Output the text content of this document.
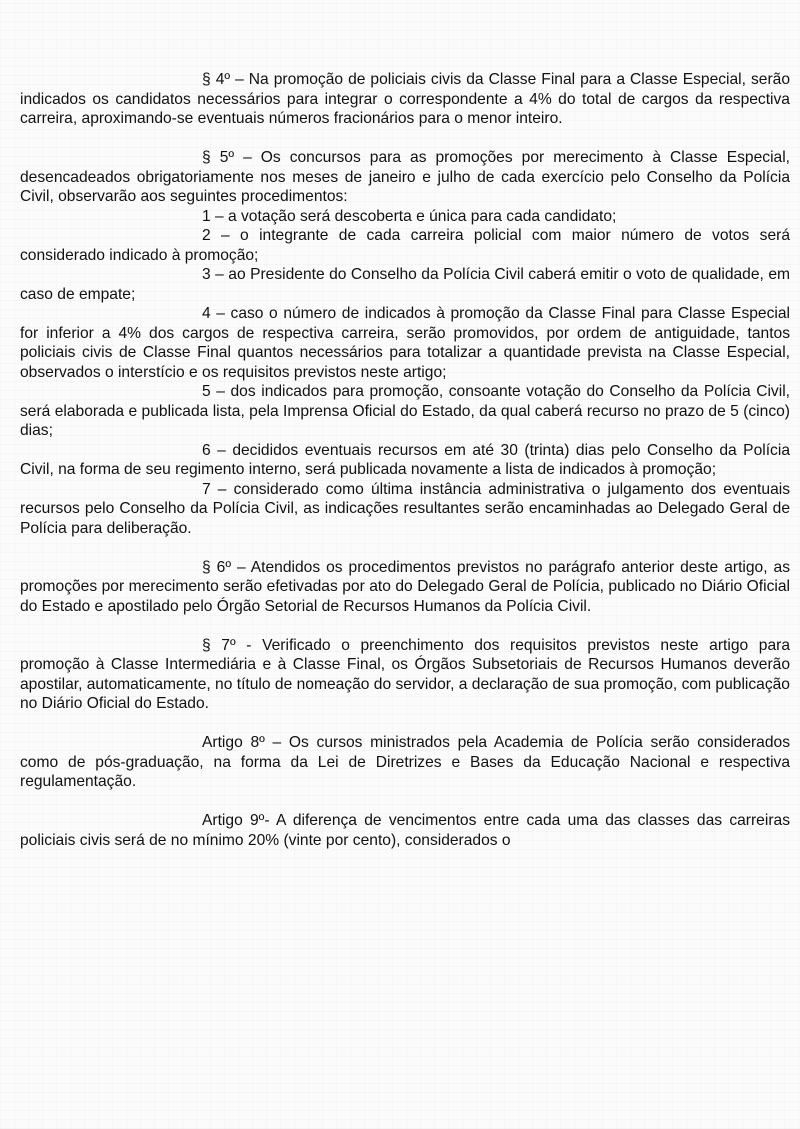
§ 4º – Na promoção de policiais civis da Classe Final para a Classe Especial, serão indicados os candidatos necessários para integrar o correspondente a 4% do total de cargos da respectiva carreira, aproximando-se eventuais números fracionários para o menor inteiro.

§ 5º – Os concursos para as promoções por merecimento à Classe Especial, desencadeados obrigatoriamente nos meses de janeiro e julho de cada exercício pelo Conselho da Polícia Civil, observarão aos seguintes procedimentos:

1 – a votação será descoberta e única para cada candidato;

2 – o integrante de cada carreira policial com maior número de votos será considerado indicado à promoção;

3 – ao Presidente do Conselho da Polícia Civil caberá emitir o voto de qualidade, em caso de empate;

4 – caso o número de indicados à promoção da Classe Final para Classe Especial for inferior a 4% dos cargos de respectiva carreira, serão promovidos, por ordem de antiguidade, tantos policiais civis de Classe Final quantos necessários para totalizar a quantidade prevista na Classe Especial, observados o interstício e os requisitos previstos neste artigo;

5 – dos indicados para promoção, consoante votação do Conselho da Polícia Civil, será elaborada e publicada lista, pela Imprensa Oficial do Estado, da qual caberá recurso no prazo de 5 (cinco) dias;

6 – decididos eventuais recursos em até 30 (trinta) dias pelo Conselho da Polícia Civil, na forma de seu regimento interno, será publicada novamente a lista de indicados à promoção;

7 – considerado como última instância administrativa o julgamento dos eventuais recursos pelo Conselho da Polícia Civil, as indicações resultantes serão encaminhadas ao Delegado Geral de Polícia para deliberação.

§ 6º – Atendidos os procedimentos previstos no parágrafo anterior deste artigo, as promoções por merecimento serão efetivadas por ato do Delegado Geral de Polícia, publicado no Diário Oficial do Estado e apostilado pelo Órgão Setorial de Recursos Humanos da Polícia Civil.

§ 7º - Verificado o preenchimento dos requisitos previstos neste artigo para promoção à Classe Intermediária e à Classe Final, os Órgãos Subsetoriais de Recursos Humanos deverão apostilar, automaticamente, no título de nomeação do servidor, a declaração de sua promoção, com publicação no Diário Oficial do Estado.

Artigo 8º – Os cursos ministrados pela Academia de Polícia serão considerados como de pós-graduação, na forma da Lei de Diretrizes e Bases da Educação Nacional e respectiva regulamentação.

Artigo 9º- A diferença de vencimentos entre cada uma das classes das carreiras policiais civis será de no mínimo 20% (vinte por cento), considerados o
